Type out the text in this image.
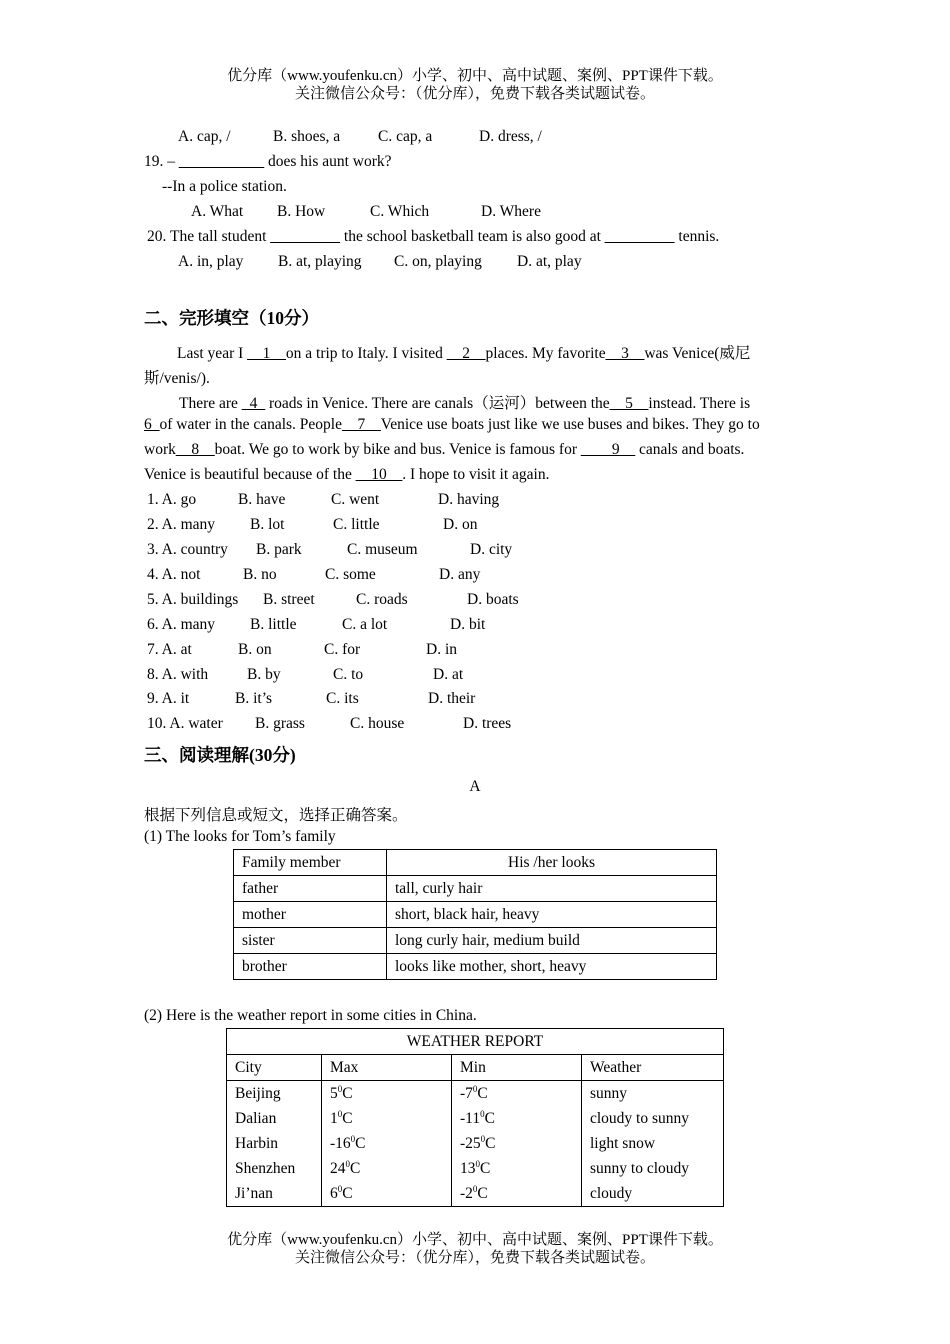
优分库（www.youfenku.cn）小学、初中、高中试题、案例、PPT课件下载。
关注微信公众号：（优分库），免费下载各类试题试卷。
A. cap, /	B. shoes, a C. cap, a	D. dress, /
19. – ___________ does his aunt work?
--In a police station.
A. What B. How	C. Which	D. Where
20. The tall student _________ the school basketball team is also good at _________ tennis.
A. in, play B. at, playing C. on, playing D. at, play
二、完形填空（10分）
Last year I __1__on a trip to Italy. I visited __2__places. My favorite__3__was Venice(威尼
斯/venis/).
There are _4_ roads in Venice. There are canals（运河）between the__5__instead. There is
6_of water in the canals. People__7__Venice use boats just like we use buses and bikes. They go to
work__8__boat. We go to work by bike and bus. Venice is famous for ____9__ canals and boats.
Venice is beautiful because of the __10__. I hope to visit it again.
1. A. go	B. have	C. went	D. having
2. A. many B. lot	C. little	D. on
3. A. country B. park	C. museum	D. city
4. A. not	B. no	C. some	D. any
5. A. buildings B. street	C. roads	D. boats
6. A. many B. little	C. a lot	D. bit
7. A. at	B. on	C. for	D. in
8. A. with	B. by	C. to	D. at
9. A. it	B. it’s	C. its	D. their
10. A. water B. grass	C. house	D. trees
三、阅读理解(30分)
A
根据下列信息或短文，选择正确答案。
(1) The looks for Tom’s family
Family member	His /her looks
father	tall, curly hair
mother	short, black hair, heavy
sister	long curly hair, medium build
brother	looks like mother, short, heavy
(2) Here is the weather report in some cities in China.
WEATHER REPORT			
City	Max	Min	Weather
Beijing	$5^0C$	$-7^0C$	sunny
Dalian	$1^0C$	$-11^0C$	cloudy to sunny
Harbin	$-16^0C$	$-25^0C$	light snow
Shenzhen	$24^0C$	$13^0C$	sunny to cloudy
Ji’nan	$6^0C$	$-2^0C$	cloudy
优分库（www.youfenku.cn）小学、初中、高中试题、案例、PPT课件下载。
关注微信公众号：（优分库），免费下载各类试题试卷。
